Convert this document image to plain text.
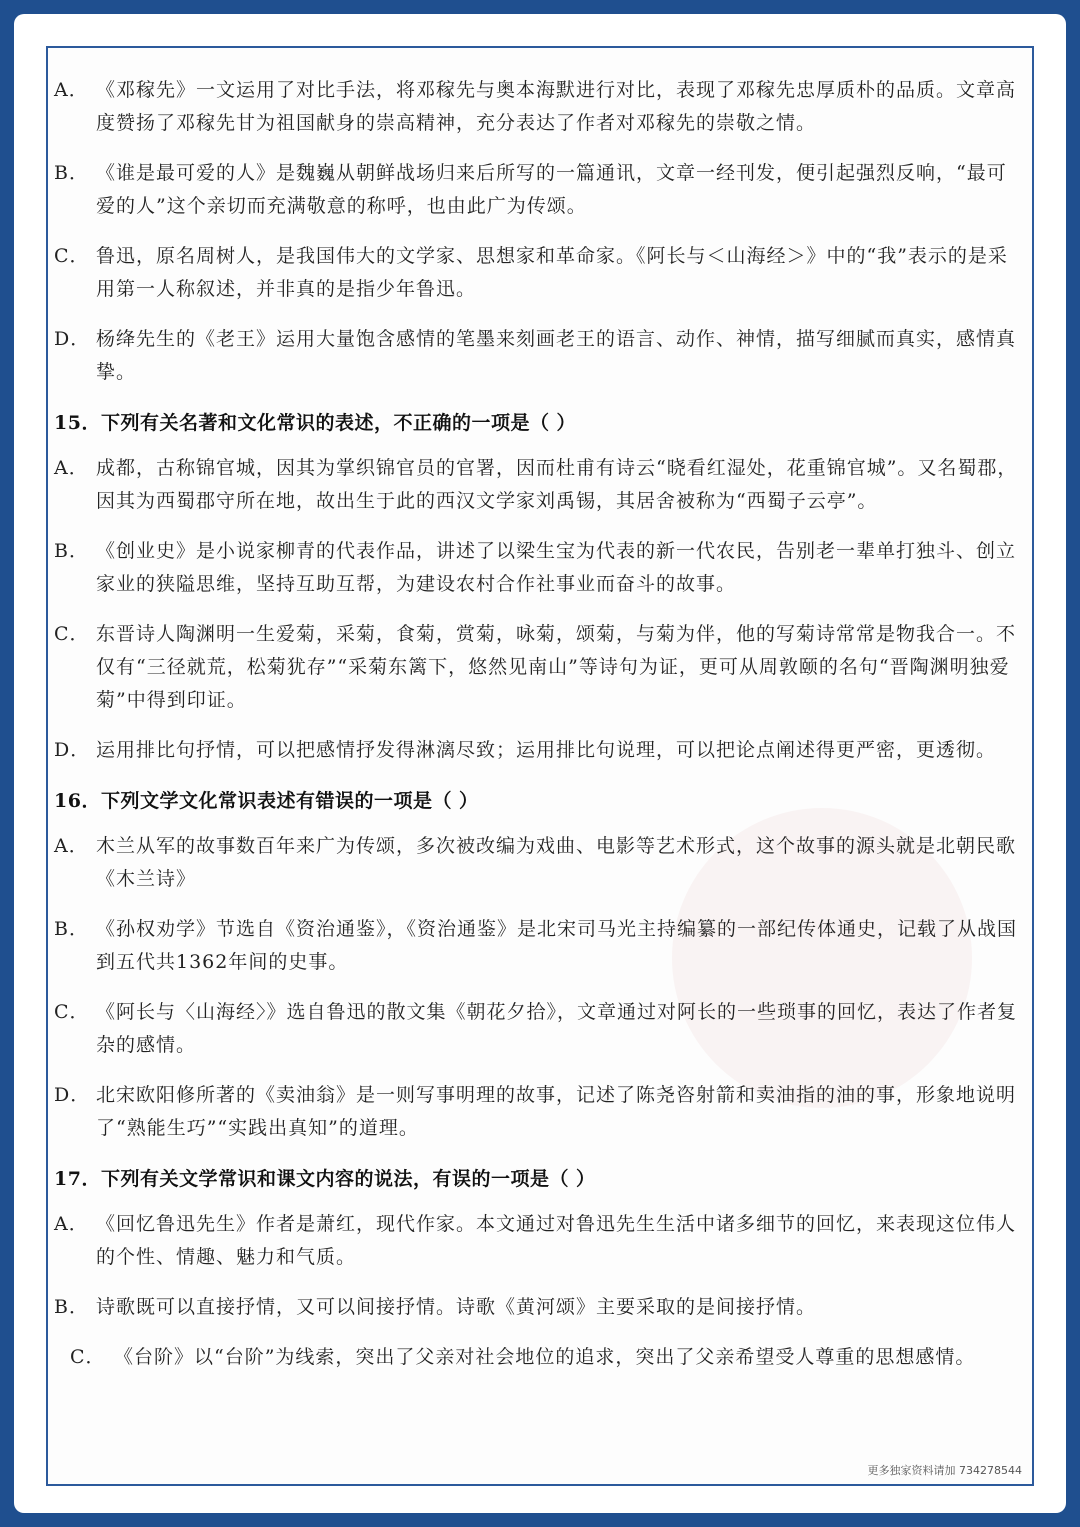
A． 《邓稼先》一文运用了对比手法，将邓稼先与奥本海默进行对比，表现了邓稼先忠厚质朴的品质。文章高度赞扬了邓稼先甘为祖国献身的崇高精神，充分表达了作者对邓稼先的崇敬之情。
B． 《谁是最可爱的人》是魏巍从朝鲜战场归来后所写的一篇通讯，文章一经刊发，便引起强烈反响，“最可爱的人”这个亲切而充满敬意的称呼，也由此广为传颂。
C． 鲁迅，原名周树人，是我国伟大的文学家、思想家和革命家。《阿长与＜山海经＞》中的“我”表示的是采用第一人称叙述，并非真的是指少年鲁迅。
D． 杨绛先生的《老王》运用大量饱含感情的笔墨来刻画老王的语言、动作、神情，描写细腻而真实，感情真挚。
15．下列有关名著和文化常识的表述，不正确的一项是（ ）
A． 成都，古称锦官城，因其为掌织锦官员的官署，因而杜甫有诗云“晓看红湿处，花重锦官城”。又名蜀郡，因其为西蜀郡守所在地，故出生于此的西汉文学家刘禹锡，其居舍被称为“西蜀子云亭”。
B． 《创业史》是小说家柳青的代表作品，讲述了以梁生宝为代表的新一代农民，告别老一辈单打独斗、创立家业的狭隘思维，坚持互助互帮，为建设农村合作社事业而奋斗的故事。
C． 东晋诗人陶渊明一生爱菊，采菊，食菊，赏菊，咏菊，颂菊，与菊为伴，他的写菊诗常常是物我合一。不仅有“三径就荒，松菊犹存”“采菊东篱下，悠然见南山”等诗句为证，更可从周敦颐的名句“晋陶渊明独爱菊”中得到印证。
D． 运用排比句抒情，可以把感情抒发得淋漓尽致；运用排比句说理，可以把论点阐述得更严密，更透彻。
16．下列文学文化常识表述有错误的一项是（ ）
A． 木兰从军的故事数百年来广为传颂，多次被改编为戏曲、电影等艺术形式，这个故事的源头就是北朝民歌《木兰诗》
B． 《孙权劝学》节选自《资治通鉴》，《资治通鉴》是北宋司马光主持编纂的一部纪传体通史，记载了从战国到五代共1362年间的史事。
C． 《阿长与〈山海经〉》选自鲁迅的散文集《朝花夕拾》，文章通过对阿长的一些琐事的回忆，表达了作者复杂的感情。
D． 北宋欧阳修所著的《卖油翁》是一则写事明理的故事，记述了陈尧咨射箭和卖油指的油的事，形象地说明了“熟能生巧”“实践出真知”的道理。
17．下列有关文学常识和课文内容的说法，有误的一项是（ ）
A． 《回忆鲁迅先生》作者是萧红，现代作家。本文通过对鲁迅先生生活中诸多细节的回忆，来表现这位伟人的个性、情趣、魅力和气质。
B． 诗歌既可以直接抒情，又可以间接抒情。诗歌《黄河颂》主要采取的是间接抒情。
C． 《台阶》以“台阶”为线索，突出了父亲对社会地位的追求，突出了父亲希望受人尊重的思想感情。
更多独家资料请加 734278544
